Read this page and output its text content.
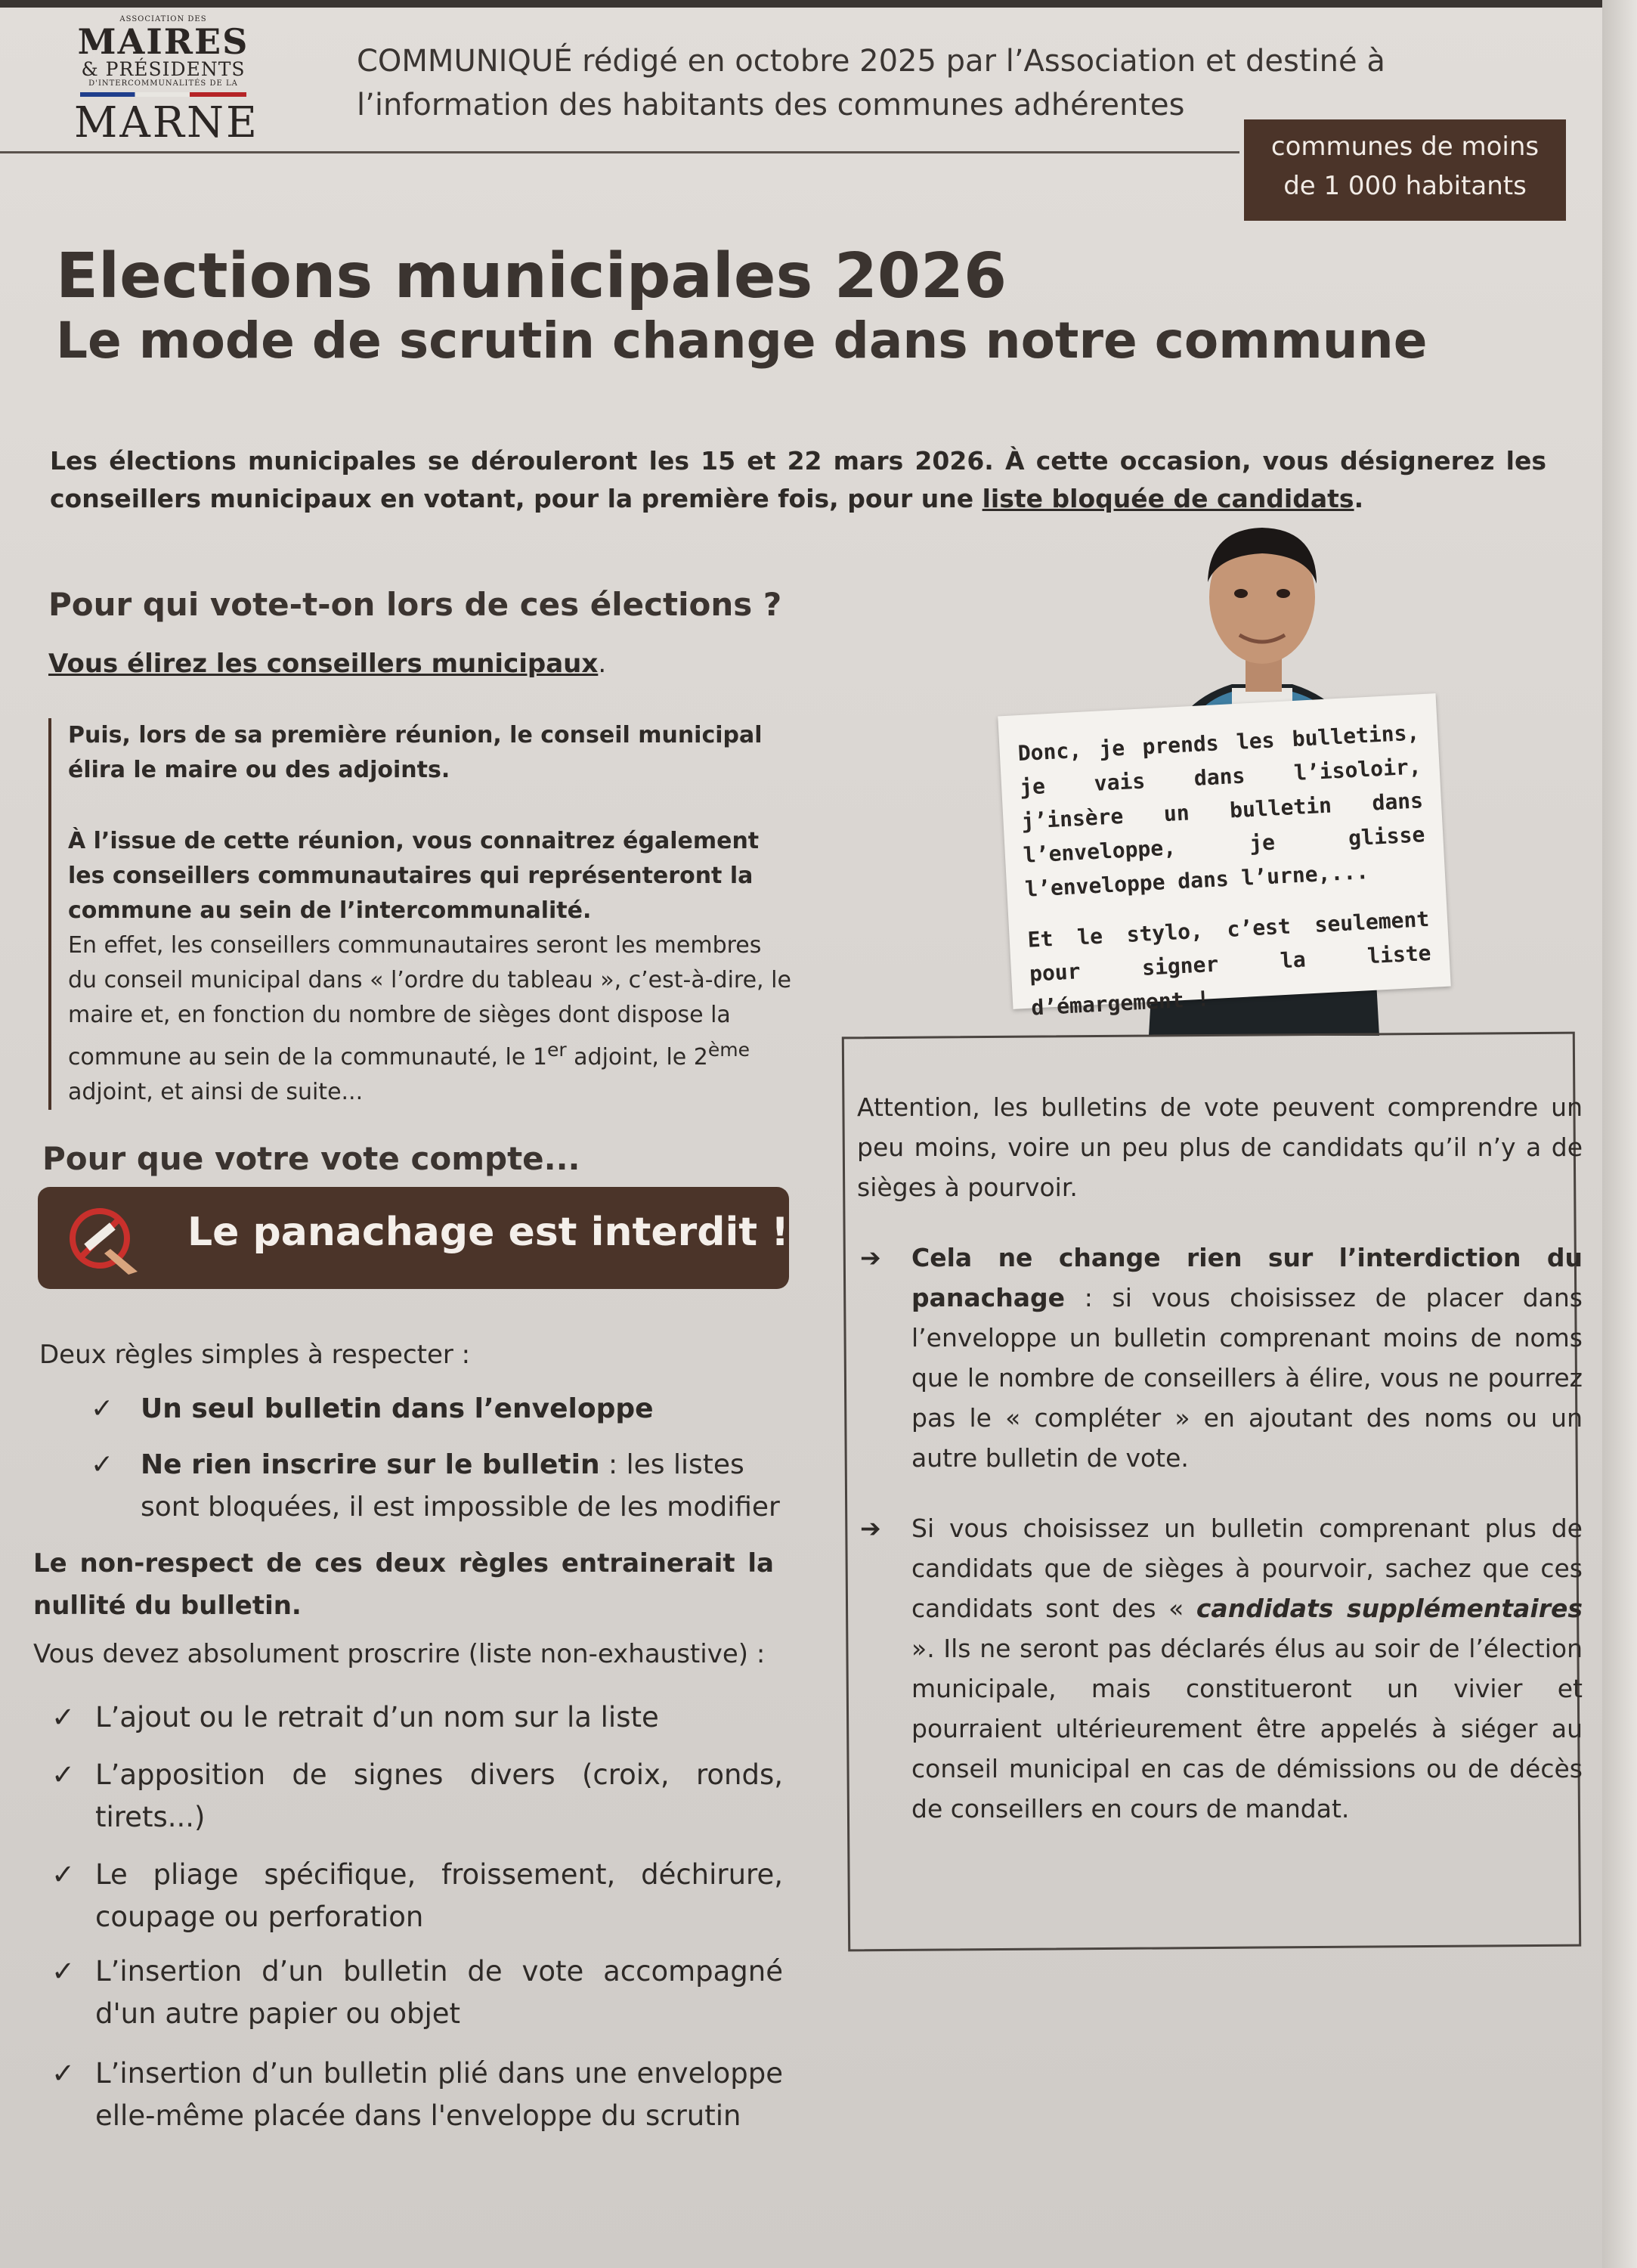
ASSOCIATION DES
MAIRES
& PRÉSIDENTS
D'INTERCOMMUNALITÉS DE LA
MARNE
COMMUNIQUÉ rédigé en octobre 2025 par l’Association et destiné à l’information des habitants des communes adhérentes
communes de moins
de 1 000 habitants
Elections municipales 2026
Le mode de scrutin change dans notre commune
Les élections municipales se dérouleront les 15 et 22 mars 2026. À cette occasion, vous désignerez les conseillers municipaux en votant, pour la première fois, pour une liste bloquée de candidats.
Pour qui vote-t-on lors de ces élections ?
Vous élirez les conseillers municipaux.

Puis, lors de sa première réunion, le conseil municipal élira le maire ou des adjoints.

À l’issue de cette réunion, vous connaitrez également les conseillers communautaires qui représenteront la commune au sein de l’intercommunalité.

En effet, les conseillers communautaires seront les membres du conseil municipal dans « l’ordre du tableau », c’est-à-dire, le maire et, en fonction du nombre de sièges dont dispose la commune au sein de la communauté, le 1er adjoint, le 2ème adjoint, et ainsi de suite...

Donc, je prends les bulletins, je vais dans l’isoloir, j’insère un bulletin dans l’enveloppe, je glisse l’enveloppe dans l’urne,...

Et le stylo, c’est seulement pour signer la liste d’émargement !

Attention, les bulletins de vote peuvent comprendre un peu moins, voire un peu plus de candidats qu’il n’y a de sièges à pourvoir.

➔ Cela ne change rien sur l’interdiction du panachage : si vous choisissez de placer dans l’enveloppe un bulletin comprenant moins de noms que le nombre de conseillers à élire, vous ne pourrez pas le « compléter » en ajoutant des noms ou un autre bulletin de vote.

➔ Si vous choisissez un bulletin comprenant plus de candidats que de sièges à pourvoir, sachez que ces candidats sont des « candidats supplémentaires ». Ils ne seront pas déclarés élus au soir de l’élection municipale, mais constitueront un vivier et pourraient ultérieurement être appelés à siéger au conseil municipal en cas de démissions ou de décès de conseillers en cours de mandat.

Pour que votre vote compte...
Le panachage est interdit !
Deux règles simples à respecter :
✓ Un seul bulletin dans l’enveloppe
✓ Ne rien inscrire sur le bulletin : les listes sont bloquées, il est impossible de les modifier
Le non-respect de ces deux règles entrainerait la nullité du bulletin.
Vous devez absolument proscrire (liste non-exhaustive) :
✓ L’ajout ou le retrait d’un nom sur la liste
✓ L’apposition de signes divers (croix, ronds, tirets...)
✓ Le pliage spécifique, froissement, déchirure, coupage ou perforation
✓ L’insertion d’un bulletin de vote accompagné d'un autre papier ou objet
✓ L’insertion d’un bulletin plié dans une enveloppe elle-même placée dans l'enveloppe du scrutin
